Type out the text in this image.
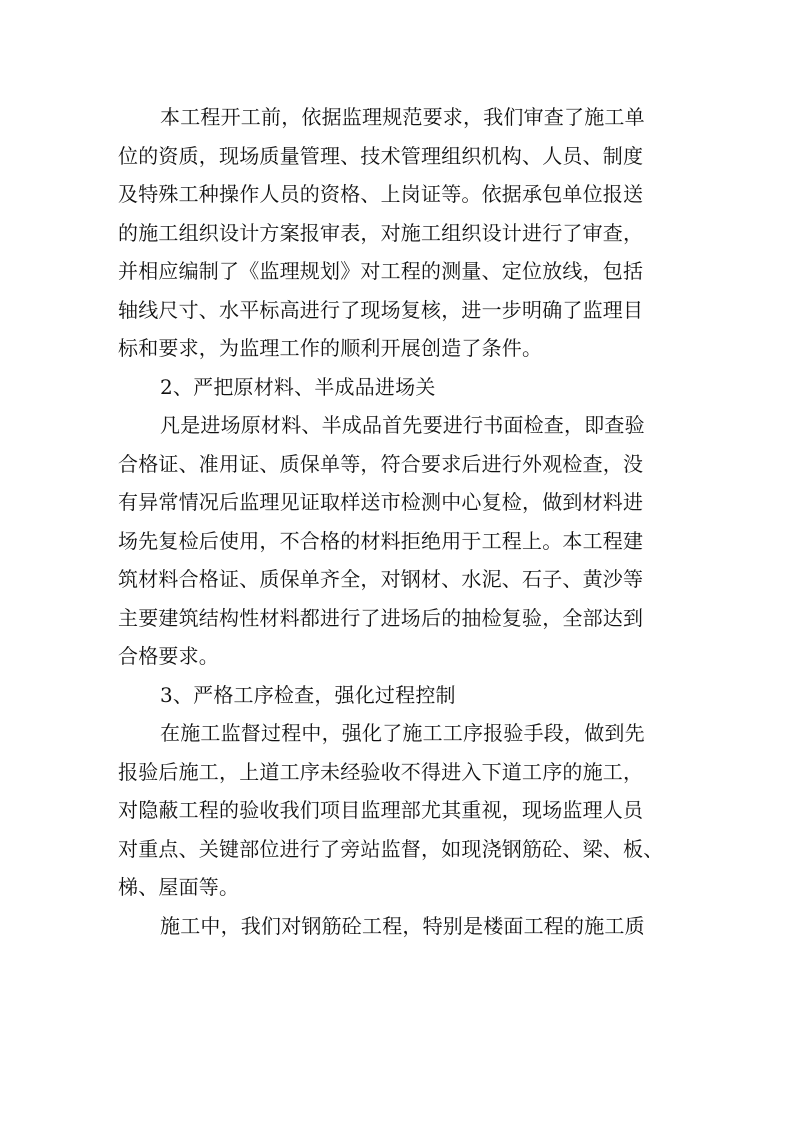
本工程开工前，依据监理规范要求，我们审查了施工单
位的资质，现场质量管理、技术管理组织机构、人员、制度
及特殊工种操作人员的资格、上岗证等。依据承包单位报送
的施工组织设计方案报审表，对施工组织设计进行了审查，
并相应编制了《监理规划》对工程的测量、定位放线，包括
轴线尺寸、水平标高进行了现场复核，进一步明确了监理目
标和要求，为监理工作的顺利开展创造了条件。
2、严把原材料、半成品进场关
凡是进场原材料、半成品首先要进行书面检查，即查验
合格证、准用证、质保单等，符合要求后进行外观检查，没
有异常情况后监理见证取样送市检测中心复检，做到材料进
场先复检后使用，不合格的材料拒绝用于工程上。本工程建
筑材料合格证、质保单齐全，对钢材、水泥、石子、黄沙等
主要建筑结构性材料都进行了进场后的抽检复验，全部达到
合格要求。
3、严格工序检查，强化过程控制
在施工监督过程中，强化了施工工序报验手段，做到先
报验后施工，上道工序未经验收不得进入下道工序的施工，
对隐蔽工程的验收我们项目监理部尤其重视，现场监理人员
对重点、关键部位进行了旁站监督，如现浇钢筋砼、梁、板、
梯、屋面等。
施工中，我们对钢筋砼工程，特别是楼面工程的施工质
